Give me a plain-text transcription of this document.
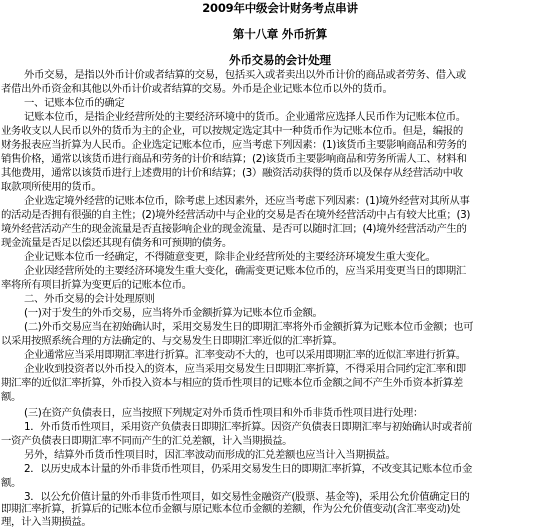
2009年中级会计财务考点串讲
第十八章 外币折算
外币交易的会计处理
外币交易，是指以外币计价或者结算的交易，包括买入或者卖出以外币计价的商品或者劳务、借入或
者借出外币资金和其他以外币计价或者结算的交易。外币是企业记账本位币以外的货币。
一、记账本位币的确定
记账本位币，是指企业经营所处的主要经济环境中的货币。企业通常应选择人民币作为记账本位币。
业务收支以人民币以外的货币为主的企业，可以按规定选定其中一种货币作为记账本位币。但是，编报的
财务报表应当折算为人民币。企业选定记账本位币，应当考虑下列因素：(1)该货币主要影响商品和劳务的
销售价格，通常以该货币进行商品和劳务的计价和结算；(2)该货币主要影响商品和劳务所需人工、材料和
其他费用，通常以该货币进行上述费用的计价和结算；(3）融资活动获得的货币以及保存从经营活动中收
取款项所使用的货币。
企业选定境外经营的记账本位币，除考虑上述因素外，还应当考虑下列因素：(1)境外经营对其所从事
的活动是否拥有很强的自主性；(2)境外经营活动中与企业的交易是否在境外经营活动中占有较大比重；(3)
境外经营活动产生的现金流量是否直接影响企业的现金流量、是否可以随时汇回；(4)境外经营活动产生的
现金流量是否足以偿还其现有债务和可预期的债务。
企业记账本位币一经确定，不得随意变更，除非企业经营所处的主要经济环境发生重大变化。
企业因经营所处的主要经济环境发生重大变化，确需变更记账本位币的，应当采用变更当日的即期汇
率将所有项目折算为变更后的记账本位币。
二、外币交易的会计处理原则
(一)对于发生的外币交易，应当将外币金额折算为记账本位币金额。
(二)外币交易应当在初始确认时，采用交易发生日的即期汇率将外币金额折算为记账本位币金额；也可
以采用按照系统合理的方法确定的、与交易发生日即期汇率近似的汇率折算。
企业通常应当采用即期汇率进行折算。汇率变动不大的，也可以采用即期汇率的近似汇率进行折算。
企业收到投资者以外币投入的资本，应当采用交易发生日即期汇率折算，不得采用合同约定汇率和即
期汇率的近似汇率折算，外币投入资本与相应的货币性项目的记账本位币金额之间不产生外币资本折算差
额。
(三)在资产负债表日，应当按照下列规定对外币货币性项目和外币非货币性项目进行处理：
1．外币货币性项目，采用资产负债表日即期汇率折算。因资产负债表日即期汇率与初始确认时或者前
一资产负债表日即期汇率不同而产生的汇兑差额，计入当期损益。
另外，结算外币货币性项目时，因汇率波动而形成的汇兑差额也应当计入当期损益。
2．以历史成本计量的外币非货币性项目，仍采用交易发生日的即期汇率折算，不改变其记账本位币金
额。
3．以公允价值计量的外币非货币性项目，如交易性金融资产(股票、基金等)，采用公允价值确定日的
即期汇率折算，折算后的记账本位币金额与原记账本位币金额的差额，作为公允价值变动(含汇率变动)处
理，计入当期损益。
